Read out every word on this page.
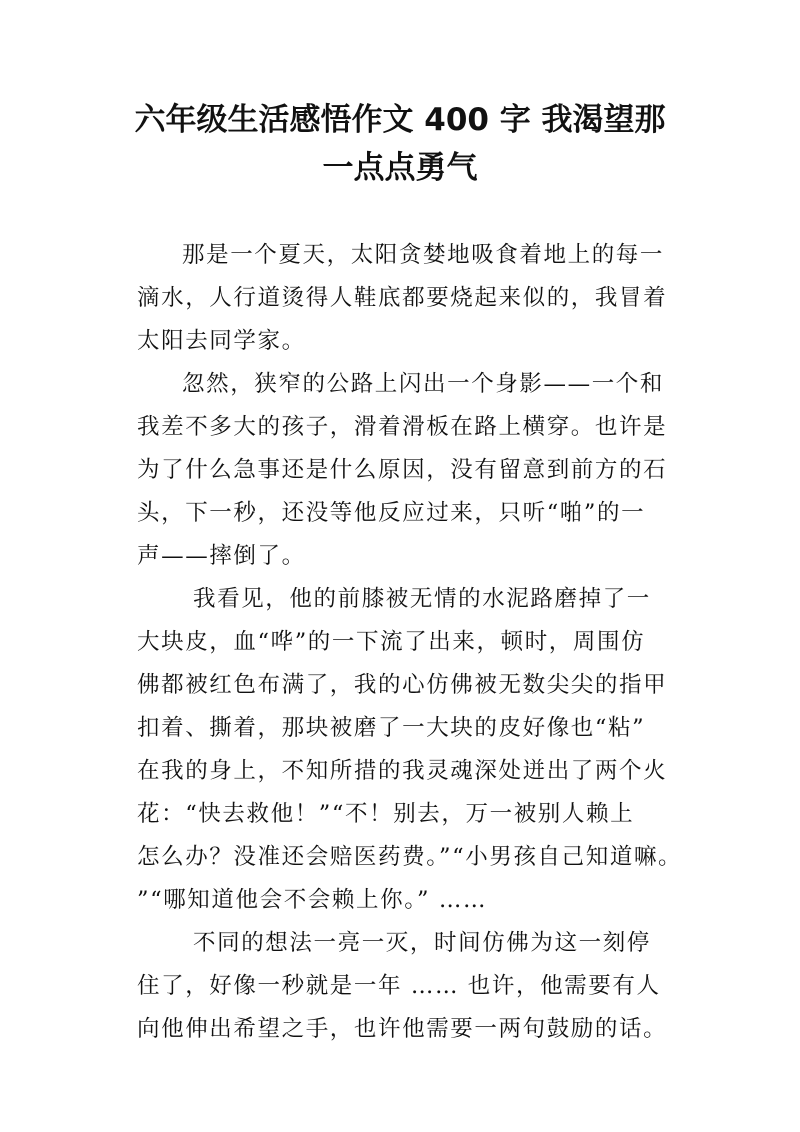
六年级生活感悟作文 400 字 我渴望那
一点点勇气
那是一个夏天，太阳贪婪地吸食着地上的每一
滴水，人行道烫得人鞋底都要烧起来似的，我冒着
太阳去同学家。
忽然，狭窄的公路上闪出一个身影——一个和
我差不多大的孩子，滑着滑板在路上横穿。也许是
为了什么急事还是什么原因，没有留意到前方的石
头，下一秒，还没等他反应过来，只听“啪”的一
声——摔倒了。
我看见，他的前膝被无情的水泥路磨掉了一
大块皮，血“哗”的一下流了出来，顿时，周围仿
佛都被红色布满了，我的心仿佛被无数尖尖的指甲
扣着、撕着，那块被磨了一大块的皮好像也“粘”
在我的身上，不知所措的我灵魂深处迸出了两个火
花：“快去救他！”“不！别去，万一被别人赖上
怎么办？没准还会赔医药费。”“小男孩自己知道嘛。
”“哪知道他会不会赖上你。” ……
不同的想法一亮一灭，时间仿佛为这一刻停
住了，好像一秒就是一年 …… 也许，他需要有人
向他伸出希望之手，也许他需要一两句鼓励的话。
